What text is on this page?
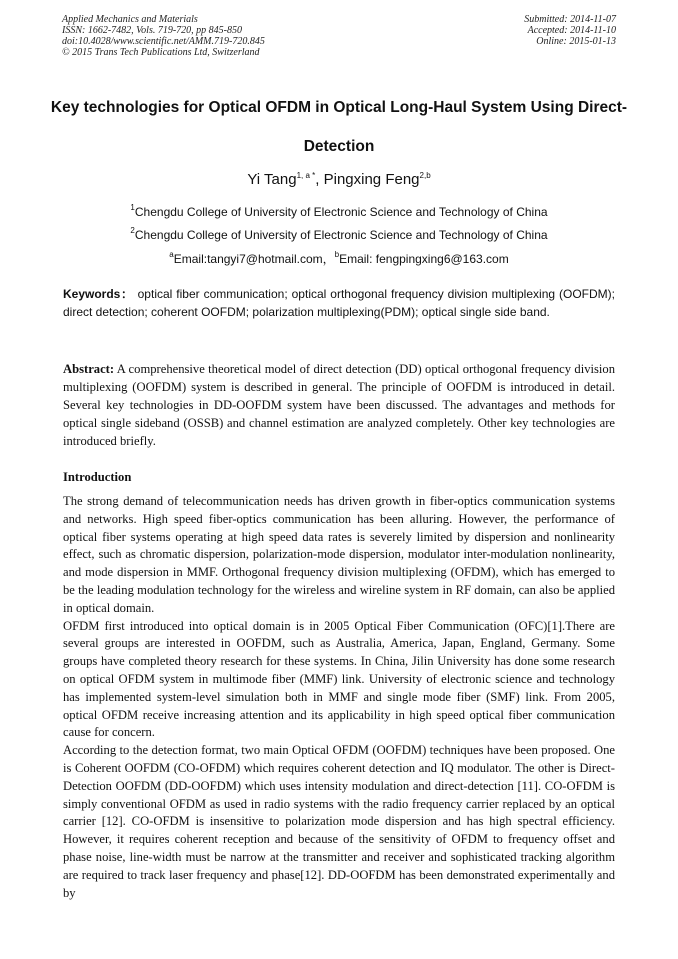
Applied Mechanics and Materials
ISSN: 1662-7482, Vols. 719-720, pp 845-850
doi:10.4028/www.scientific.net/AMM.719-720.845
© 2015 Trans Tech Publications Ltd, Switzerland
Submitted: 2014-11-07
Accepted: 2014-11-10
Online: 2015-01-13
Key technologies for Optical OFDM in Optical Long-Haul System Using Direct-Detection
Yi Tang$^{1, a *}$, Pingxing Feng$^{2,b}$
$^1$Chengdu College of University of Electronic Science and Technology of China
$^2$Chengdu College of University of Electronic Science and Technology of China
$^a$Email:tangyi7@hotmail.com，$^b$Email: fengpingxing6@163.com
Keywords： optical fiber communication; optical orthogonal frequency division multiplexing (OOFDM); direct detection; coherent OOFDM; polarization multiplexing(PDM); optical single side band.
Abstract: A comprehensive theoretical model of direct detection (DD) optical orthogonal frequency division multiplexing (OOFDM) system is described in general. The principle of OOFDM is introduced in detail. Several key technologies in DD-OOFDM system have been discussed. The advantages and methods for optical single sideband (OSSB) and channel estimation are analyzed completely. Other key technologies are introduced briefly.
Introduction

The strong demand of telecommunication needs has driven growth in fiber-optics communication systems and networks. High speed fiber-optics communication has been alluring. However, the performance of optical fiber systems operating at high speed data rates is severely limited by dispersion and nonlinearity effect, such as chromatic dispersion, polarization-mode dispersion, modulator inter-modulation nonlinearity, and mode dispersion in MMF. Orthogonal frequency division multiplexing (OFDM), which has emerged to be the leading modulation technology for the wireless and wireline system in RF domain, can also be applied in optical domain.

OFDM first introduced into optical domain is in 2005 Optical Fiber Communication (OFC)[1].There are several groups are interested in OOFDM, such as Australia, America, Japan, England, Germany. Some groups have completed theory research for these systems. In China, Jilin University has done some research on optical OFDM system in multimode fiber (MMF) link. University of electronic science and technology has implemented system-level simulation both in MMF and single mode fiber (SMF) link. From 2005, optical OFDM receive increasing attention and its applicability in high speed optical fiber communication cause for concern.

According to the detection format, two main Optical OFDM (OOFDM) techniques have been proposed. One is Coherent OOFDM (CO-OFDM) which requires coherent detection and IQ modulator. The other is Direct-Detection OOFDM (DD-OOFDM) which uses intensity modulation and direct-detection [11]. CO-OFDM is simply conventional OFDM as used in radio systems with the radio frequency carrier replaced by an optical carrier [12]. CO-OFDM is insensitive to polarization mode dispersion and has high spectral efficiency. However, it requires coherent reception and because of the sensitivity of OFDM to frequency offset and phase noise, line-width must be narrow at the transmitter and receiver and sophisticated tracking algorithm are required to track laser frequency and phase[12]. DD-OOFDM has been demonstrated experimentally and by
